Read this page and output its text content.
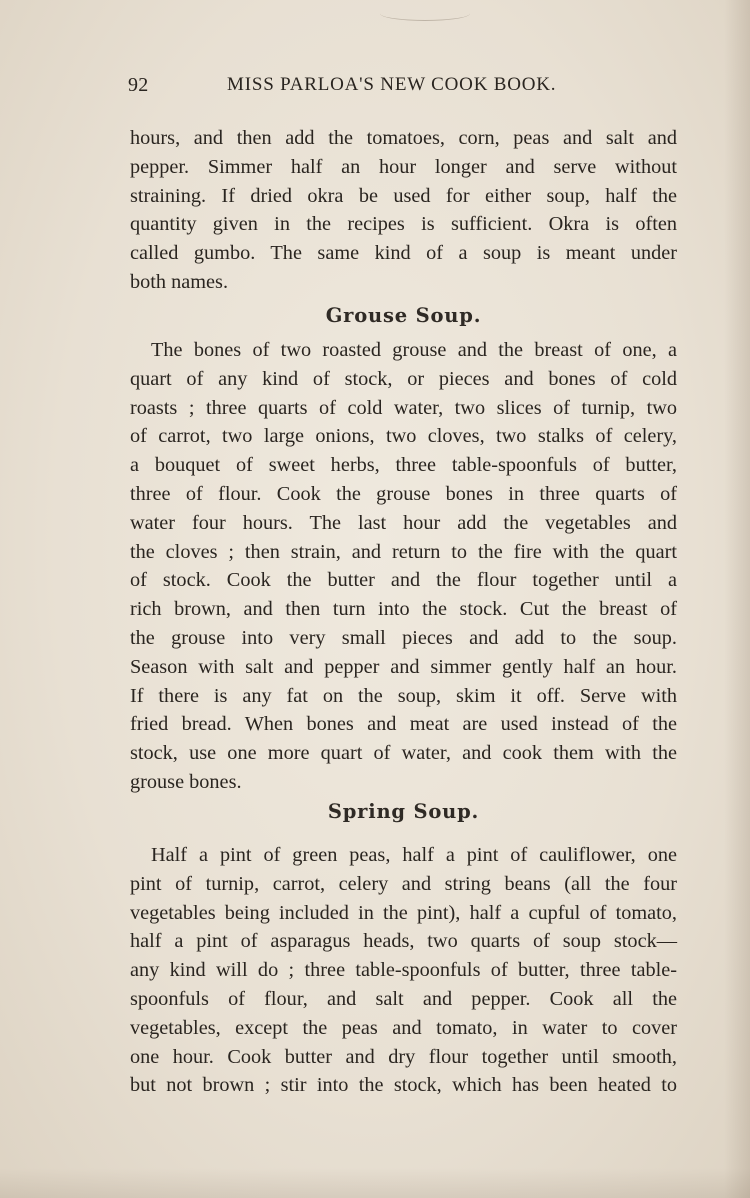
92	MISS PARLOA'S NEW COOK BOOK.
hours, and then add the tomatoes, corn, peas and salt and
pepper. Simmer half an hour longer and serve without
straining. If dried okra be used for either soup, half the
quantity given in the recipes is sufficient. Okra is often
called gumbo. The same kind of a soup is meant under
both names.
Grouse Soup.
The bones of two roasted grouse and the breast of one, a
quart of any kind of stock, or pieces and bones of cold
roasts ; three quarts of cold water, two slices of turnip, two
of carrot, two large onions, two cloves, two stalks of celery,
a bouquet of sweet herbs, three table-spoonfuls of butter,
three of flour. Cook the grouse bones in three quarts of
water four hours. The last hour add the vegetables and
the cloves ; then strain, and return to the fire with the quart
of stock. Cook the butter and the flour together until a
rich brown, and then turn into the stock. Cut the breast of
the grouse into very small pieces and add to the soup.
Season with salt and pepper and simmer gently half an hour.
If there is any fat on the soup, skim it off. Serve with
fried bread. When bones and meat are used instead of the
stock, use one more quart of water, and cook them with the
grouse bones.
Spring Soup.
Half a pint of green peas, half a pint of cauliflower, one
pint of turnip, carrot, celery and string beans (all the four
vegetables being included in the pint), half a cupful of tomato,
half a pint of asparagus heads, two quarts of soup stock—
any kind will do ; three table-spoonfuls of butter, three table-
spoonfuls of flour, and salt and pepper. Cook all the
vegetables, except the peas and tomato, in water to cover
one hour. Cook butter and dry flour together until smooth,
but not brown ; stir into the stock, which has been heated to
